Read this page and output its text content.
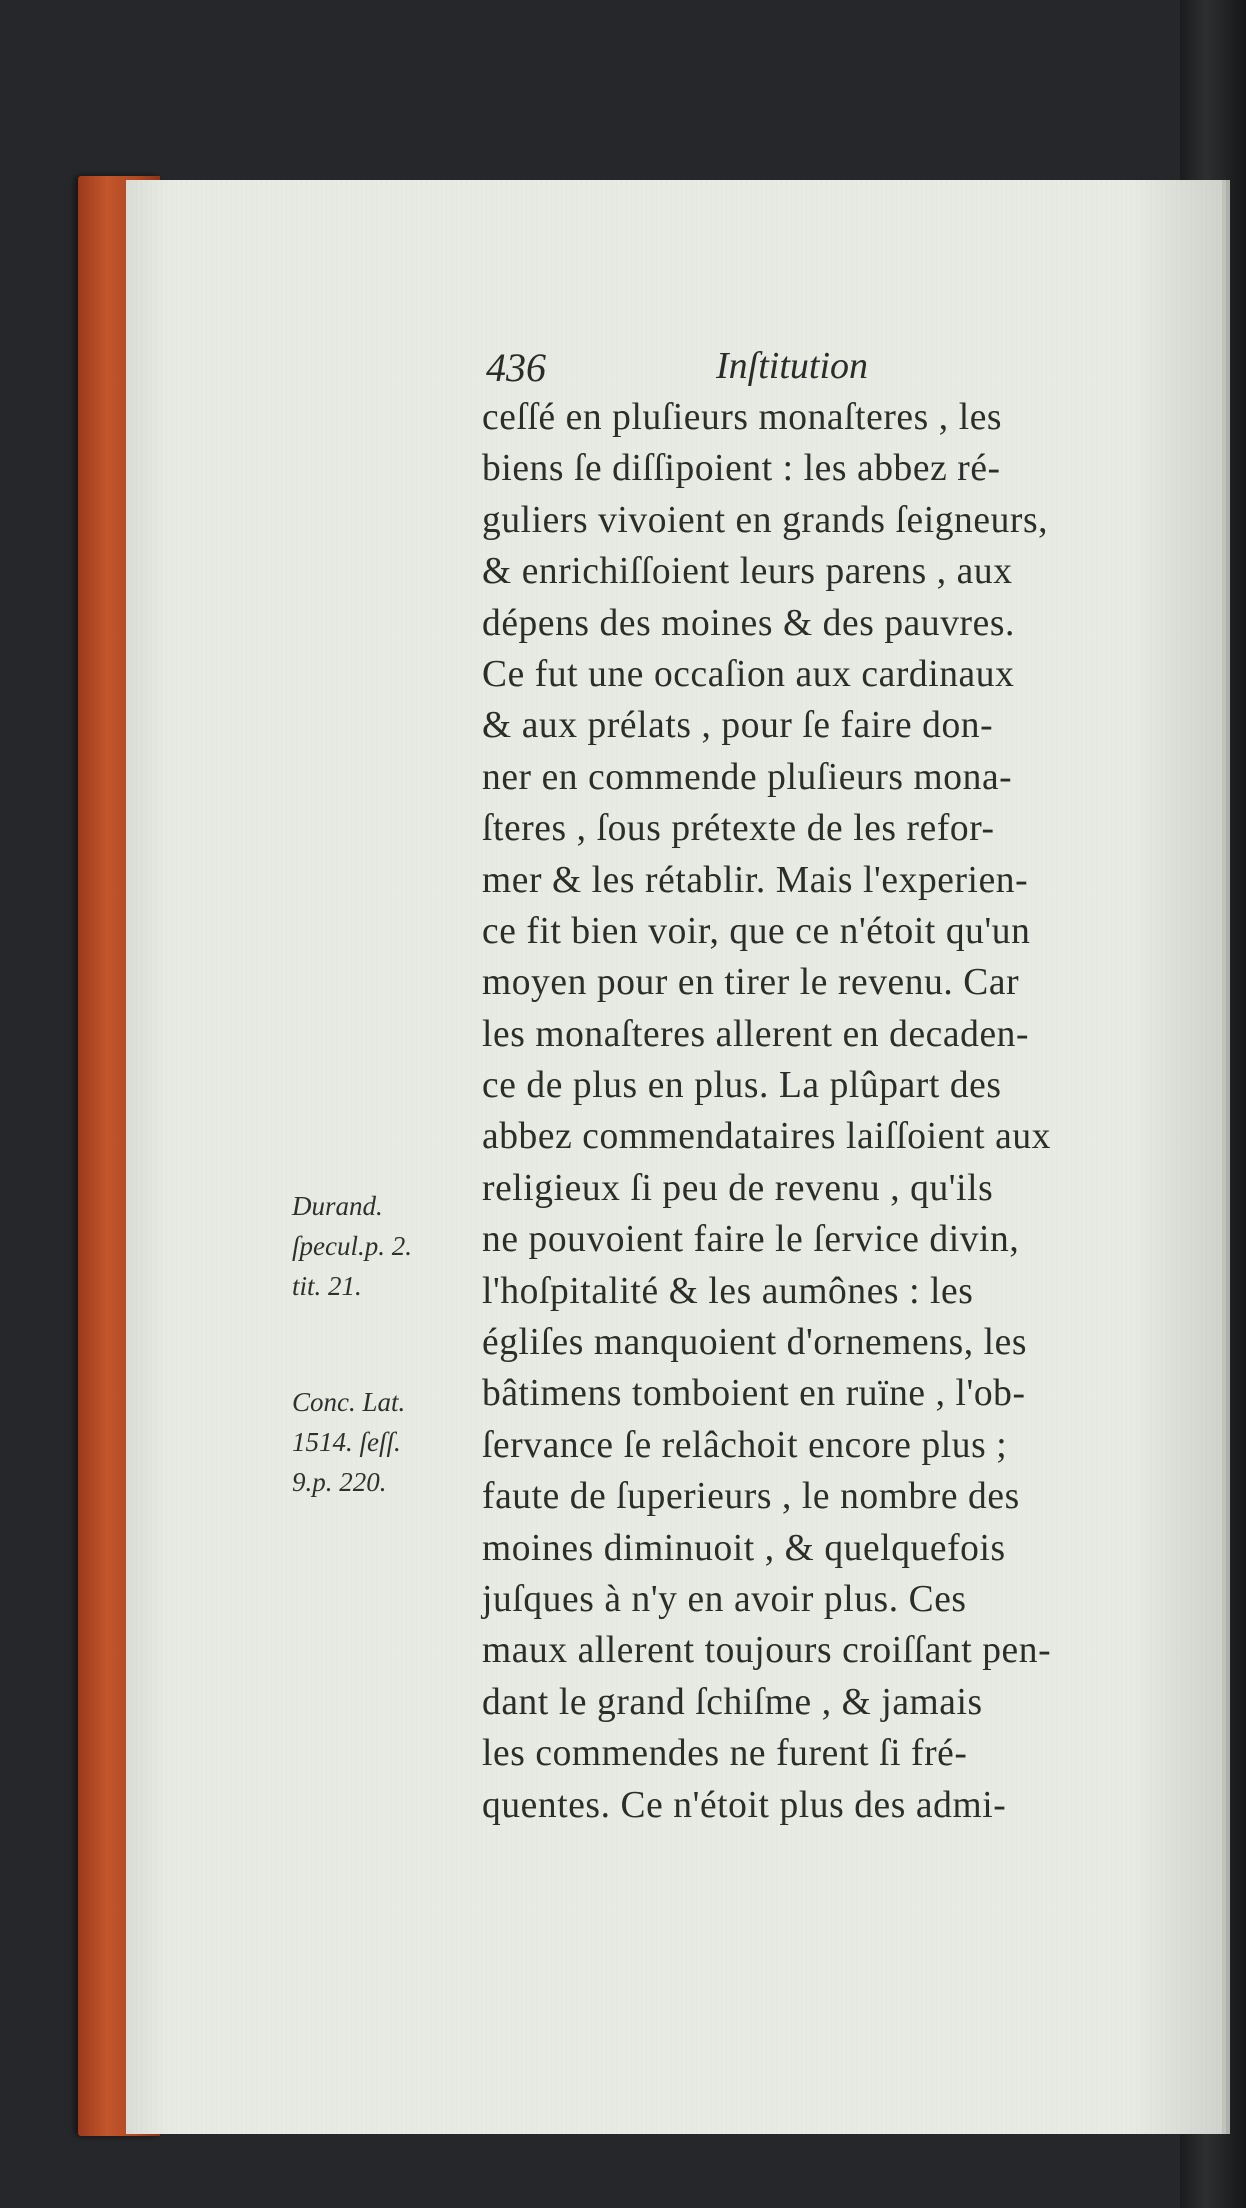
436	Inſtitution
ceſſé en pluſieurs monaſteres , les
biens ſe diſſipoient : les abbez ré-
guliers vivoient en grands ſeigneurs,
& enrichiſſoient leurs parens , aux
dépens des moines & des pauvres.
Ce fut une occaſion aux cardinaux
& aux prélats , pour ſe faire don-
ner en commende pluſieurs mona-
ſteres , ſous prétexte de les refor-
mer & les rétablir. Mais l'experien-
ce fit bien voir, que ce n'étoit qu'un
moyen pour en tirer le revenu. Car
les monaſteres allerent en decaden-
ce de plus en plus. La plûpart des
abbez commendataires laiſſoient aux
religieux ſi peu de revenu , qu'ils
ne pouvoient faire le ſervice divin,
l'hoſpitalité & les aumônes : les
égliſes manquoient d'ornemens, les
bâtimens tomboient en ruïne , l'ob-
ſervance ſe relâchoit encore plus ;
faute de ſuperieurs , le nombre des
moines diminuoit , & quelquefois
juſques à n'y en avoir plus. Ces
maux allerent toujours croiſſant pen-
dant le grand ſchiſme , & jamais
les commendes ne furent ſi fré-
quentes. Ce n'étoit plus des admi-
Durand.
ſpecul.p. 2.
tit. 21.
Conc. Lat.
1514. ſeſſ.
9.p. 220.
